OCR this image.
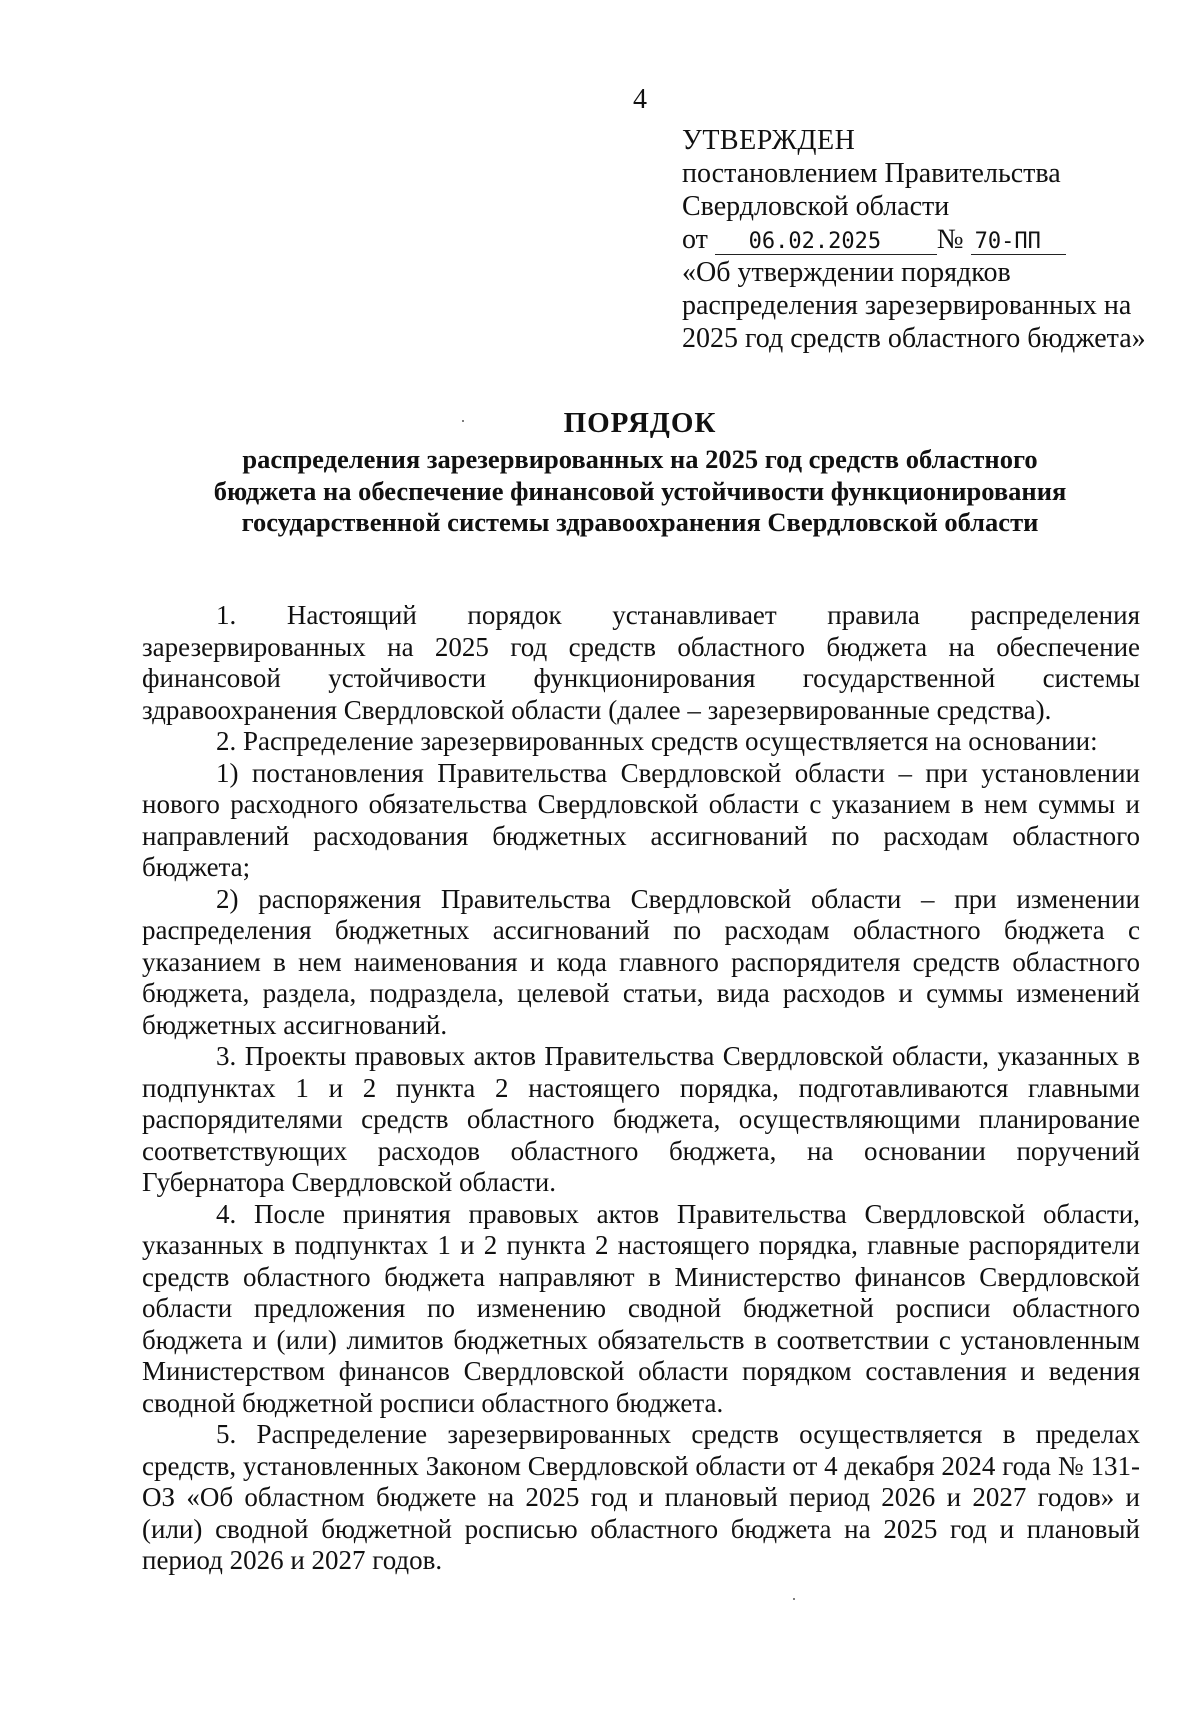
4
УТВЕРЖДЕН
постановлением Правительства
Свердловской области
от 06.02.2025 № 70-ПП
«Об утверждении порядков
распределения зарезервированных на
2025 год средств областного бюджета»
ПОРЯДОК
распределения зарезервированных на 2025 год средств областного бюджета на обеспечение финансовой устойчивости функционирования государственной системы здравоохранения Свердловской области

1. Настоящий порядок устанавливает правила распределения зарезервированных на 2025 год средств областного бюджета на обеспечение финансовой устойчивости функционирования государственной системы здравоохранения Свердловской области (далее – зарезервированные средства).

2. Распределение зарезервированных средств осуществляется на основании:

1) постановления Правительства Свердловской области – при установлении нового расходного обязательства Свердловской области с указанием в нем суммы и направлений расходования бюджетных ассигнований по расходам областного бюджета;

2) распоряжения Правительства Свердловской области – при изменении распределения бюджетных ассигнований по расходам областного бюджета с указанием в нем наименования и кода главного распорядителя средств областного бюджета, раздела, подраздела, целевой статьи, вида расходов и суммы изменений бюджетных ассигнований.

3. Проекты правовых актов Правительства Свердловской области, указанных в подпунктах 1 и 2 пункта 2 настоящего порядка, подготавливаются главными распорядителями средств областного бюджета, осуществляющими планирование соответствующих расходов областного бюджета, на основании поручений Губернатора Свердловской области.

4. После принятия правовых актов Правительства Свердловской области, указанных в подпунктах 1 и 2 пункта 2 настоящего порядка, главные распорядители средств областного бюджета направляют в Министерство финансов Свердловской области предложения по изменению сводной бюджетной росписи областного бюджета и (или) лимитов бюджетных обязательств в соответствии с установленным Министерством финансов Свердловской области порядком составления и ведения сводной бюджетной росписи областного бюджета.

5. Распределение зарезервированных средств осуществляется в пределах средств, установленных Законом Свердловской области от 4 декабря 2024 года № 131-ОЗ «Об областном бюджете на 2025 год и плановый период 2026 и 2027 годов» и (или) сводной бюджетной росписью областного бюджета на 2025 год и плановый период 2026 и 2027 годов.
